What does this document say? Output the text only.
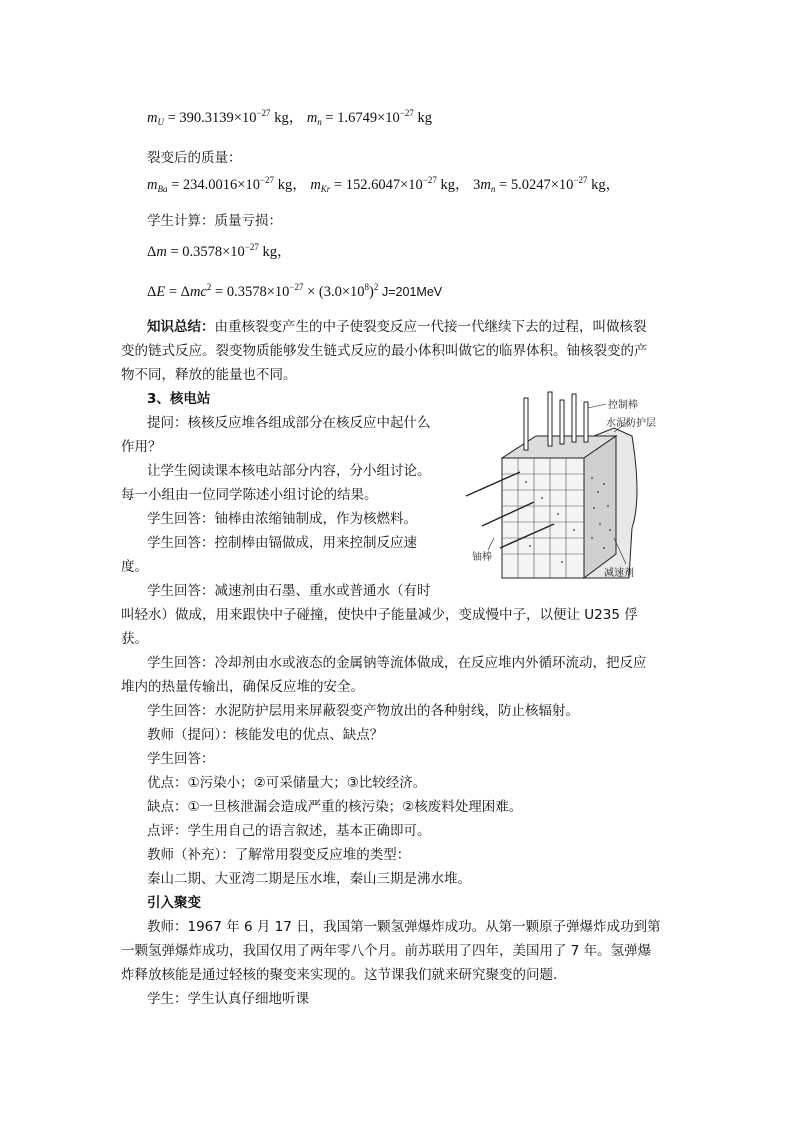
$m_U = 390.3139\times 10^{-27}$ kg， $m_n = 1.6749\times 10^{-27}$ kg
裂变后的质量：
$m_{Ba} = 234.0016\times 10^{-27}$ kg， $m_{Kr} = 152.6047\times 10^{-27}$ kg， $3m_n = 5.0247\times 10^{-27}$ kg，
学生计算：质量亏损：
$\Delta m = 0.3578\times 10^{-27}$ kg，
$\Delta E = \Delta mc^2 = 0.3578\times 10^{-27} \times (3.0\times 10^8)^2$ J=201MeV
知识总结：由重核裂变产生的中子使裂变反应一代接一代继续下去的过程，叫做核裂
变的链式反应。裂变物质能够发生链式反应的最小体积叫做它的临界体积。铀核裂变的产
物不同，释放的能量也不同。
3、核电站
提问：核核反应堆各组成部分在核反应中起什么
作用？
让学生阅读课本核电站部分内容，分小组讨论。
每一小组由一位同学陈述小组讨论的结果。
学生回答：铀棒由浓缩铀制成，作为核燃料。
学生回答：控制棒由镉做成，用来控制反应速
度。
学生回答：减速剂由石墨、重水或普通水（有时
叫轻水）做成，用来跟快中子碰撞，使快中子能量减少，变成慢中子，以便让 U235 俘
获。
学生回答：冷却剂由水或液态的金属钠等流体做成，在反应堆内外循环流动，把反应
堆内的热量传输出，确保反应堆的安全。
学生回答：水泥防护层用来屏蔽裂变产物放出的各种射线，防止核辐射。
教师（提问）：核能发电的优点、缺点？
学生回答：
优点：①污染小；②可采储量大；③比较经济。
缺点：①一旦核泄漏会造成严重的核污染；②核废料处理困难。
点评：学生用自己的语言叙述，基本正确即可。
教师（补充）：了解常用裂变反应堆的类型：
秦山二期、大亚湾二期是压水堆，秦山三期是沸水堆。
引入聚变
教师：1967 年 6 月 17 日，我国第一颗氢弹爆炸成功。从第一颗原子弹爆炸成功到第
一颗氢弹爆炸成功，我国仅用了两年零八个月。前苏联用了四年，美国用了 7 年。氢弹爆
炸释放核能是通过轻核的聚变来实现的。这节课我们就来研究聚变的问题.
学生：学生认真仔细地听课
控制棒
水泥防护层
铀棒
减速剂
